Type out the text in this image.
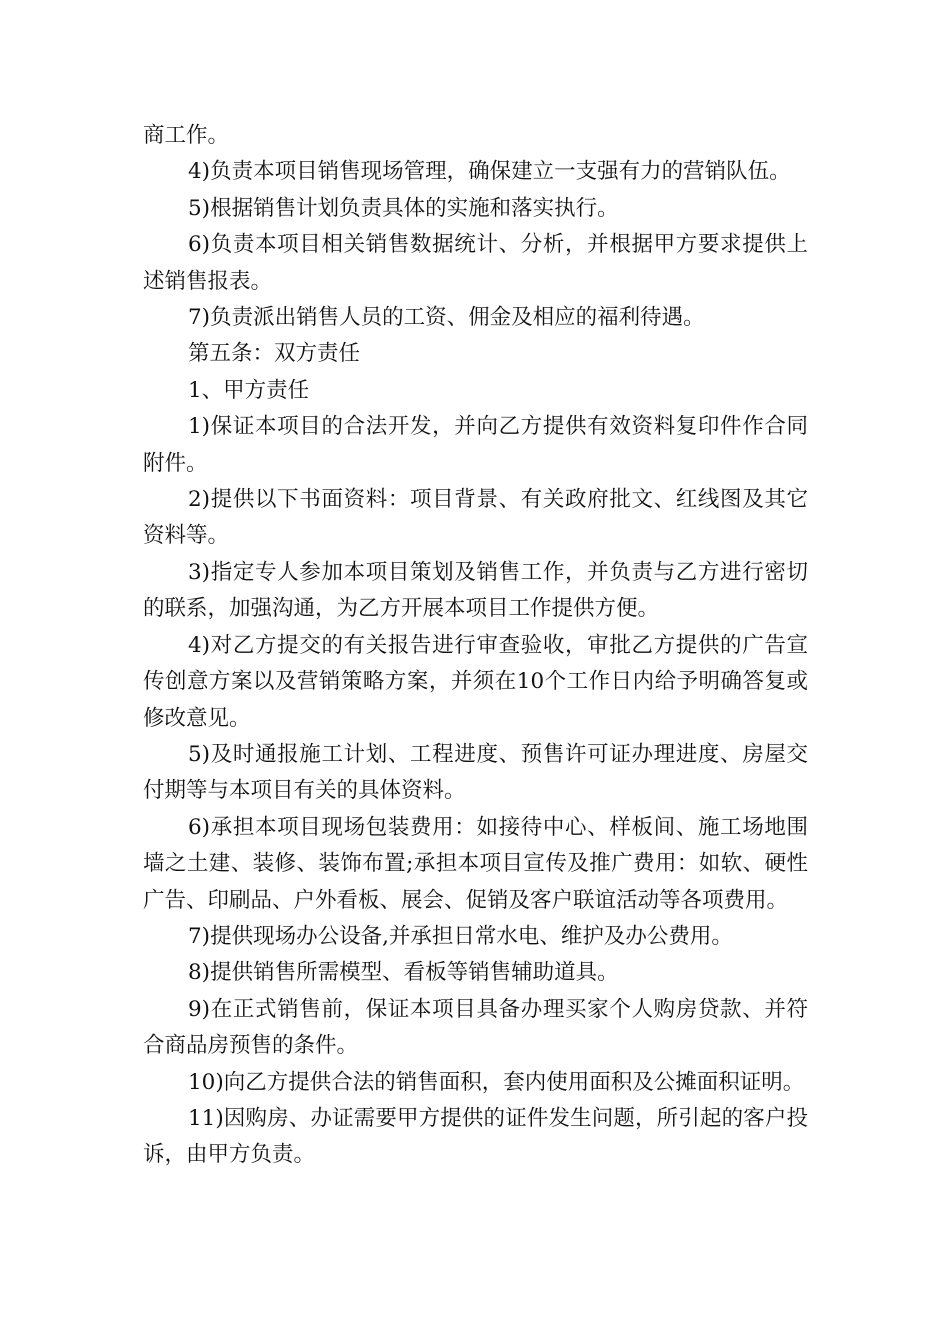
商工作。

4)负责本项目销售现场管理，确保建立一支强有力的营销队伍。

5)根据销售计划负责具体的实施和落实执行。

6)负责本项目相关销售数据统计、分析，并根据甲方要求提供上述销售报表。

7)负责派出销售人员的工资、佣金及相应的福利待遇。

第五条：双方责任

1、甲方责任

1)保证本项目的合法开发，并向乙方提供有效资料复印件作合同附件。

2)提供以下书面资料：项目背景、有关政府批文、红线图及其它资料等。

3)指定专人参加本项目策划及销售工作，并负责与乙方进行密切的联系，加强沟通，为乙方开展本项目工作提供方便。

4)对乙方提交的有关报告进行审查验收，审批乙方提供的广告宣传创意方案以及营销策略方案，并须在10个工作日内给予明确答复或修改意见。

5)及时通报施工计划、工程进度、预售许可证办理进度、房屋交付期等与本项目有关的具体资料。

6)承担本项目现场包装费用：如接待中心、样板间、施工场地围墙之土建、装修、装饰布置;承担本项目宣传及推广费用：如软、硬性广告、印刷品、户外看板、展会、促销及客户联谊活动等各项费用。

7)提供现场办公设备,并承担日常水电、维护及办公费用。

8)提供销售所需模型、看板等销售辅助道具。

9)在正式销售前，保证本项目具备办理买家个人购房贷款、并符合商品房预售的条件。

10)向乙方提供合法的销售面积，套内使用面积及公摊面积证明。

11)因购房、办证需要甲方提供的证件发生问题，所引起的客户投诉，由甲方负责。
